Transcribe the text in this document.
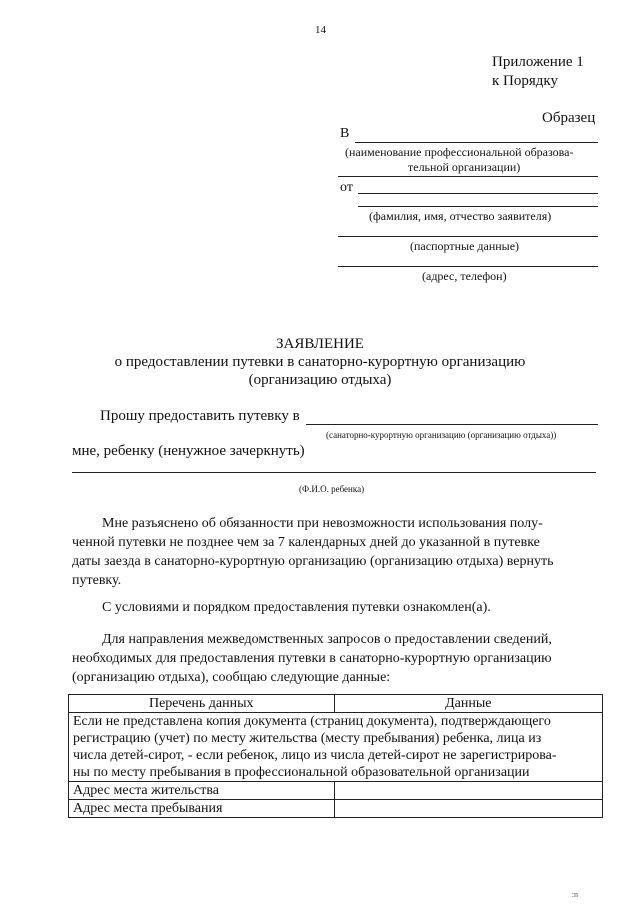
14
Приложение 1
к Порядку
Образец
В
(наименование профессиональной образова-
тельной организации)
от
(фамилия, имя, отчество заявителя)
(паспортные данные)
(адрес, телефон)
ЗАЯВЛЕНИЕ
о предоставлении путевки в санаторно-курортную организацию
(организацию отдыха)
Прошу предоставить путевку в
(санаторно-курортную организацию (организацию отдыха))
мне, ребенку (ненужное зачеркнуть)
(Ф.И.О. ребенка)
Мне разъяснено об обязанности при невозможности использования полу-
ченной путевки не позднее чем за 7 календарных дней до указанной в путевке
даты заезда в санаторно-курортную организацию (организацию отдыха) вернуть
путевку.
С условиями и порядком предоставления путевки ознакомлен(а).
Для направления межведомственных запросов о предоставлении сведений,
необходимых для предоставления путевки в санаторно-курортную организацию
(организацию отдыха), сообщаю следующие данные:
Перечень данных	Данные

Если не представлена копия документа (страниц документа), подтверждающего
регистрацию (учет) по месту жительства (месту пребывания) ребенка, лица из
числа детей-сирот, - если ребенок, лицо из числа детей-сирот не зарегистрирова-
ны по месту пребывания в профессиональной образовательной организации	

Адрес места жительства	
Адрес места пребывания	
:n
